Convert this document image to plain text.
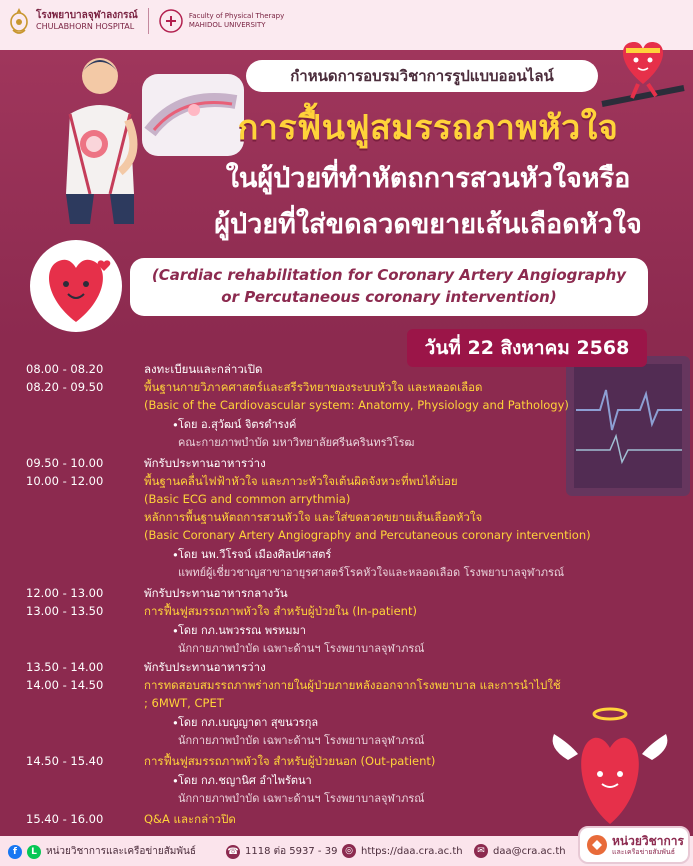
โรงพยาบาลจุฬาลงกรณ์
CHULABHORN HOSPITAL
Faculty of Physical Therapy
MAHIDOL UNIVERSITY
กำหนดการอบรมวิชาการรูปแบบออนไลน์
การฟื้นฟูสมรรถภาพหัวใจ
ในผู้ป่วยที่ทำหัตถการสวนหัวใจหรือ
ผู้ป่วยที่ใส่ขดลวดขยายเส้นเลือดหัวใจ
(Cardiac rehabilitation for Coronary Artery Angiography
or Percutaneous coronary intervention)
วันที่ 22 สิงหาคม 2568
08.00 - 08.20	ลงทะเบียนและกล่าวเปิด
08.20 - 09.50	พื้นฐานกายวิภาคศาสตร์และสรีรวิทยาของระบบหัวใจ และหลอดเลือด
(Basic of the Cardiovascular system: Anatomy, Physiology and Pathology)
• โดย อ.สุวัฒน์ จิตรดำรงค์
คณะกายภาพบำบัด มหาวิทยาลัยศรีนครินทรวิโรฒ
09.50 - 10.00	พักรับประทานอาหารว่าง
10.00 - 12.00	พื้นฐานคลื่นไฟฟ้าหัวใจ และภาวะหัวใจเต้นผิดจังหวะที่พบได้บ่อย
(Basic ECG and common arrythmia)
หลักการพื้นฐานหัตถการสวนหัวใจ และใส่ขดลวดขยายเส้นเลือดหัวใจ
(Basic Coronary Artery Angiography and Percutaneous coronary intervention)
• โดย นพ.วีโรจน์ เมืองศิลปศาสตร์
แพทย์ผู้เชี่ยวชาญสาขาอายุรศาสตร์โรคหัวใจและหลอดเลือด โรงพยาบาลจุฬาภรณ์
12.00 - 13.00	พักรับประทานอาหารกลางวัน
13.00 - 13.50	การฟื้นฟูสมรรถภาพหัวใจ สำหรับผู้ป่วยใน (In-patient)
• โดย กภ.นพวรรณ พรหมมา
นักกายภาพบำบัด เฉพาะด้านฯ โรงพยาบาลจุฬาภรณ์
13.50 - 14.00	พักรับประทานอาหารว่าง
14.00 - 14.50	การทดสอบสมรรถภาพร่างกายในผู้ป่วยภายหลังออกจากโรงพยาบาล และการนำไปใช้
; 6MWT, CPET
• โดย กภ.เบญญาดา สุขนวรกุล
นักกายภาพบำบัด เฉพาะด้านฯ โรงพยาบาลจุฬาภรณ์
14.50 - 15.40	การฟื้นฟูสมรรถภาพหัวใจ สำหรับผู้ป่วยนอก (Out-patient)
• โดย กภ.ชญานิศ อำไพรัตนา
นักกายภาพบำบัด เฉพาะด้านฯ โรงพยาบาลจุฬาภรณ์
15.40 - 16.00	Q&A และกล่าวปิด
f	L หน่วยวิชาการและเครือข่ายสัมพันธ์	☎ 1118 ต่อ 5937 - 39 ◎ https://daa.cra.ac.th	✉ daa@cra.ac.th
หน่วยวิชาการ
และเครือข่ายสัมพันธ์
